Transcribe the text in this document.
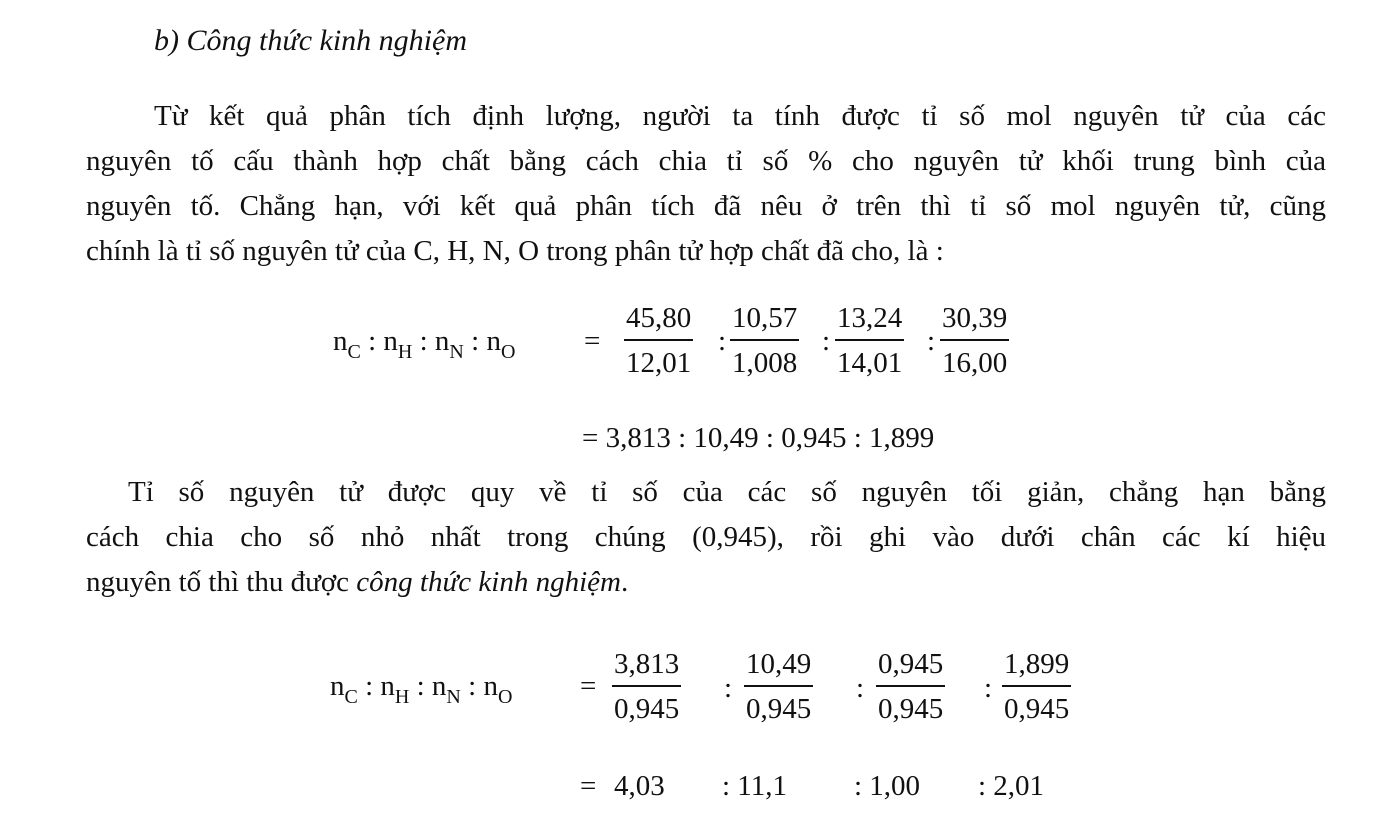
b) Công thức kinh nghiệm
Từ kết quả phân tích định lượng, người ta tính được tỉ số mol nguyên tử của các
nguyên tố cấu thành hợp chất bằng cách chia tỉ số % cho nguyên tử khối trung bình của
nguyên tố. Chẳng hạn, với kết quả phân tích đã nêu ở trên thì tỉ số mol nguyên tử, cũng
chính là tỉ số nguyên tử của C, H, N, O trong phân tử hợp chất đã cho, là :
$n_C$ : $n_H$ : $n_N$ : $n_O = \frac{45,80}{12,01}$ : $\frac{10,57}{1,008}$ : $\frac{13,24}{14,01}$ : $\frac{30,39}{16,00}$
= 3,813 : 10,49 : 0,945 : 1,899
Tỉ số nguyên tử được quy về tỉ số của các số nguyên tối giản, chẳng hạn bằng
cách chia cho số nhỏ nhất trong chúng (0,945), rồi ghi vào dưới chân các kí hiệu
nguyên tố thì thu được công thức kinh nghiệm.
$n_C$ : $n_H$ : $n_N$ : $n_O = \frac{3,813}{0,945}$ : $\frac{10,49}{0,945}$ : $\frac{0,945}{0,945}$ : $\frac{1,899}{0,945}$
= 4,03 : 11,1 : 1,00 : 2,01
